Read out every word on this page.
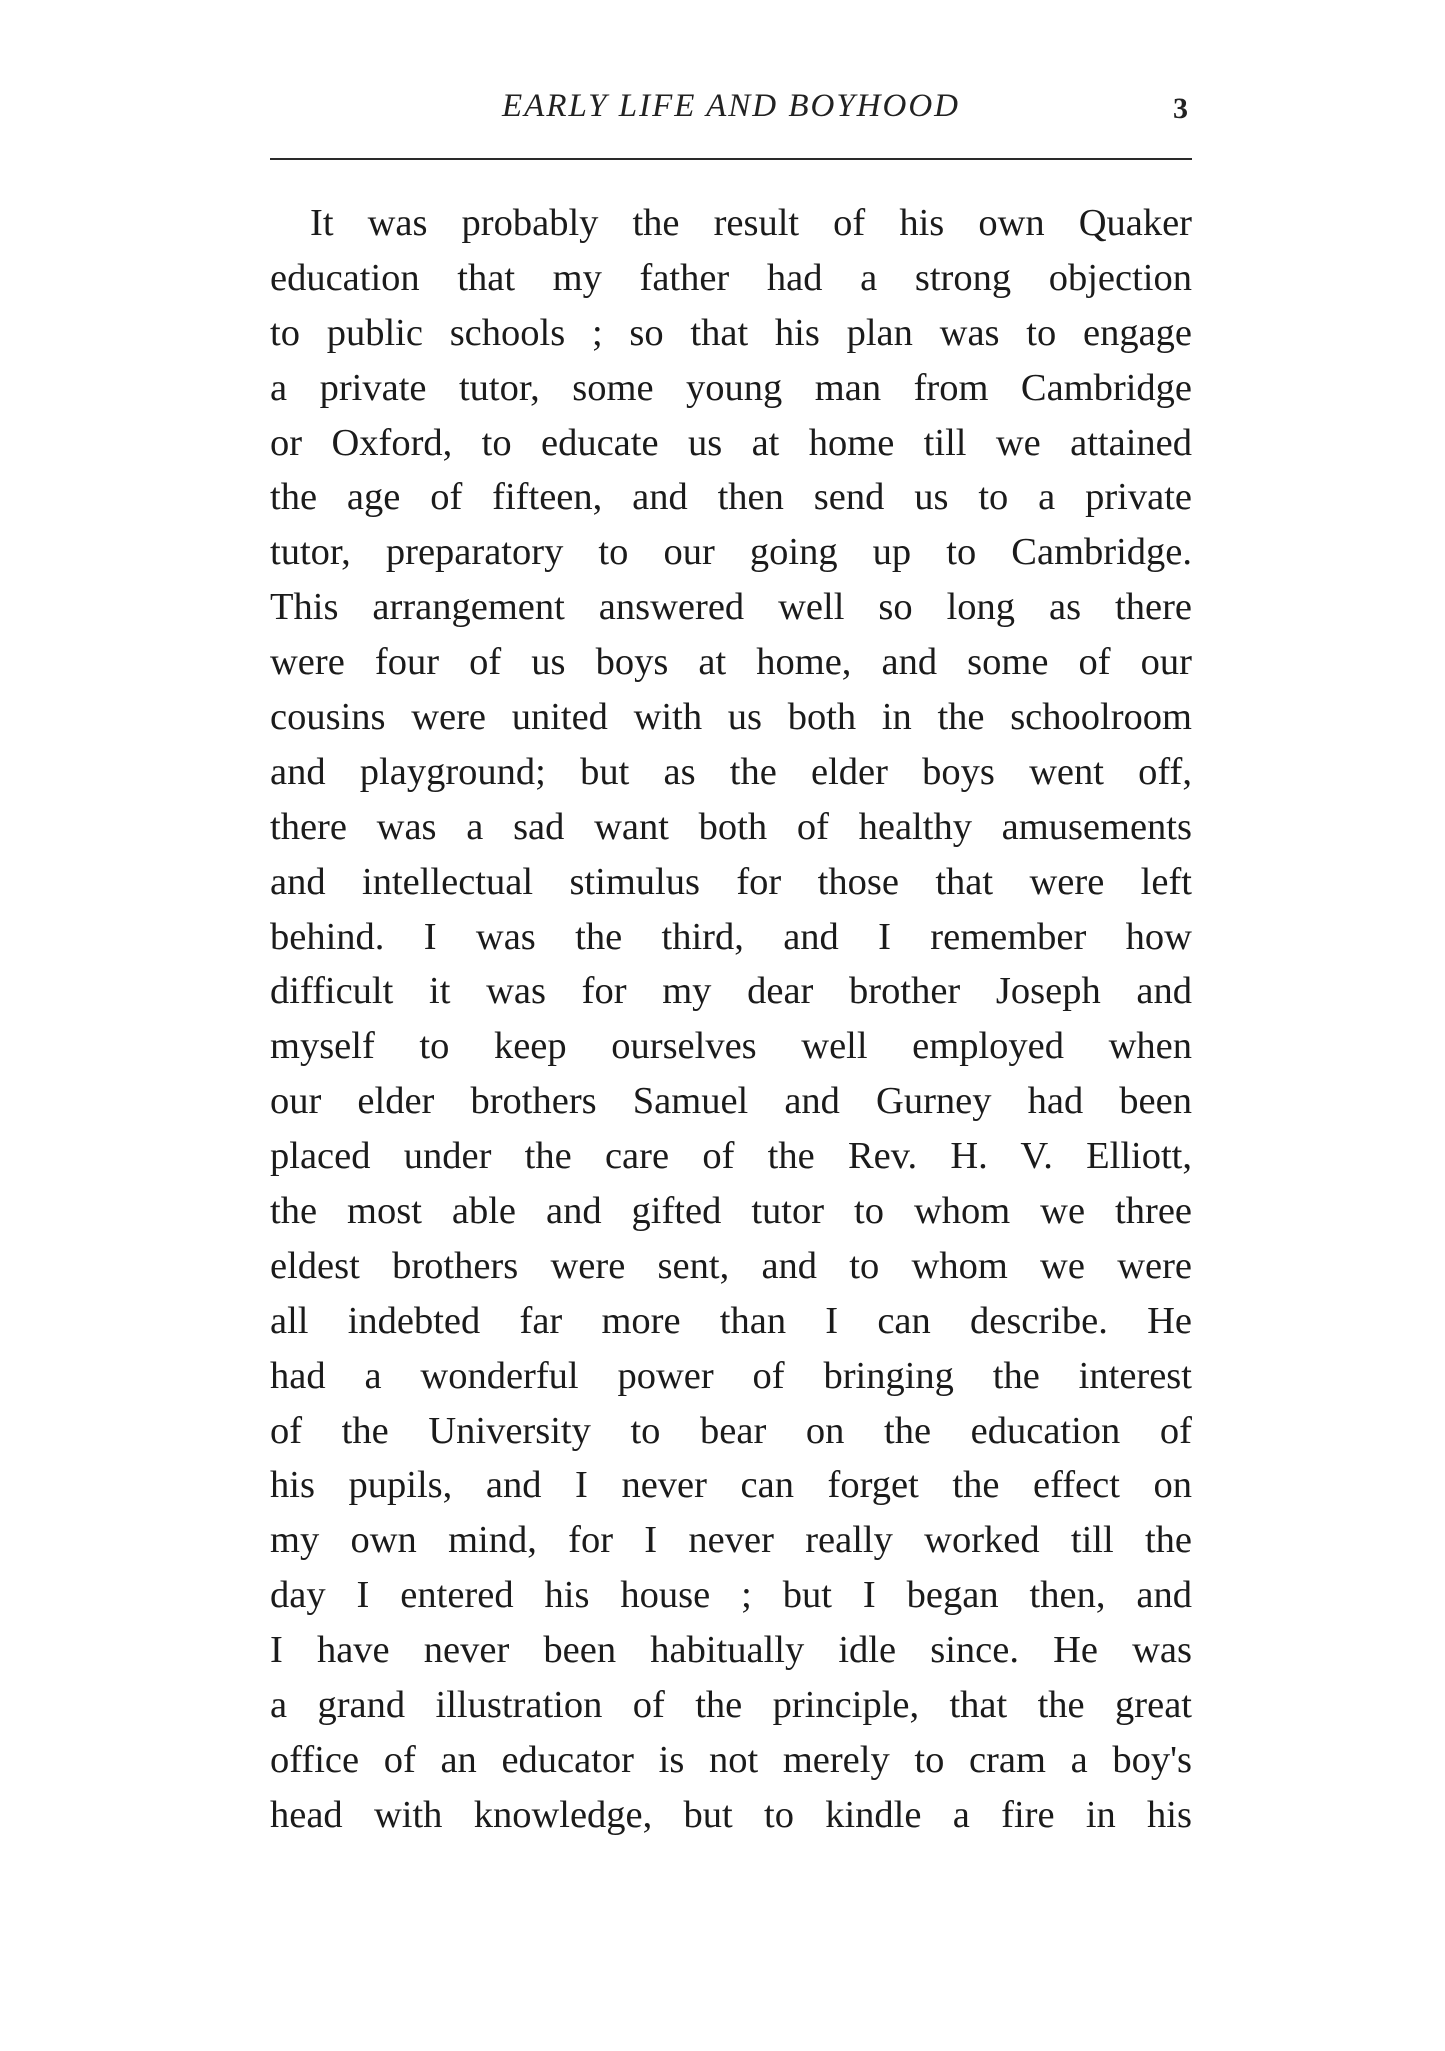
EARLY LIFE AND BOYHOOD	3
It was probably the result of his own Quaker
education that my father had a strong objection
to public schools ; so that his plan was to engage
a private tutor, some young man from Cambridge
or Oxford, to educate us at home till we attained
the age of fifteen, and then send us to a private
tutor, preparatory to our going up to Cambridge.
This arrangement answered well so long as there
were four of us boys at home, and some of our
cousins were united with us both in the schoolroom
and playground; but as the elder boys went off,
there was a sad want both of healthy amusements
and intellectual stimulus for those that were left
behind. I was the third, and I remember how
difficult it was for my dear brother Joseph and
myself to keep ourselves well employed when
our elder brothers Samuel and Gurney had been
placed under the care of the Rev. H. V. Elliott,
the most able and gifted tutor to whom we three
eldest brothers were sent, and to whom we were
all indebted far more than I can describe. He
had a wonderful power of bringing the interest
of the University to bear on the education of
his pupils, and I never can forget the effect on
my own mind, for I never really worked till the
day I entered his house ; but I began then, and
I have never been habitually idle since. He was
a grand illustration of the principle, that the great
office of an educator is not merely to cram a boy's
head with knowledge, but to kindle a fire in his
